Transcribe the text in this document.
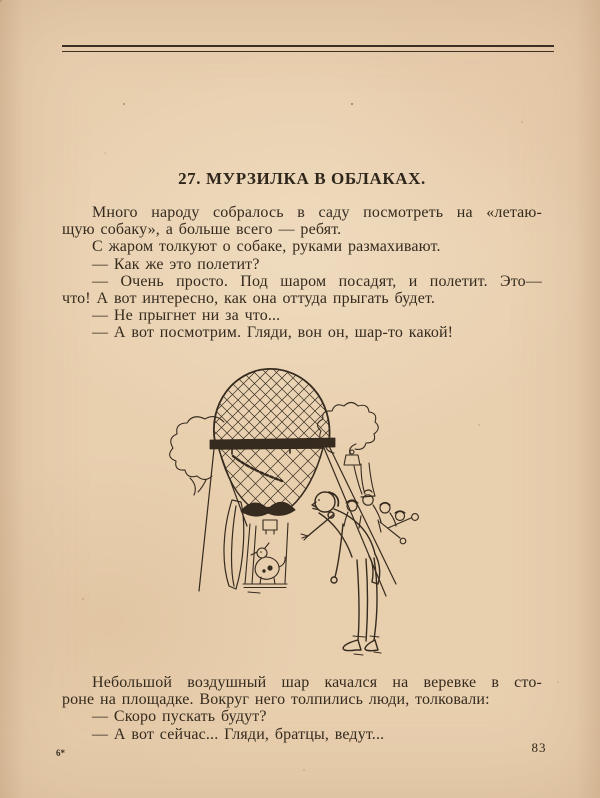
27. МУРЗИЛКА В ОБЛАКАХ.
Много народу собралось в саду посмотреть на «летаю-
щую собаку», а больше всего — ребят.
С жаром толкуют о собаке, руками размахивают.
— Как же это полетит?
— Очень просто. Под шаром посадят, и полетит. Это—
что! А вот интересно, как она оттуда прыгать будет.
— Не прыгнет ни за что...
— А вот посмотрим. Гляди, вон он, шар-то какой!
Небольшой воздушный шар качался на веревке в сто-
роне на площадке. Вокруг него толпились люди, толковали:
— Скоро пускать будут?
— А вот сейчас... Гляди, братцы, ведут...
6*	83
